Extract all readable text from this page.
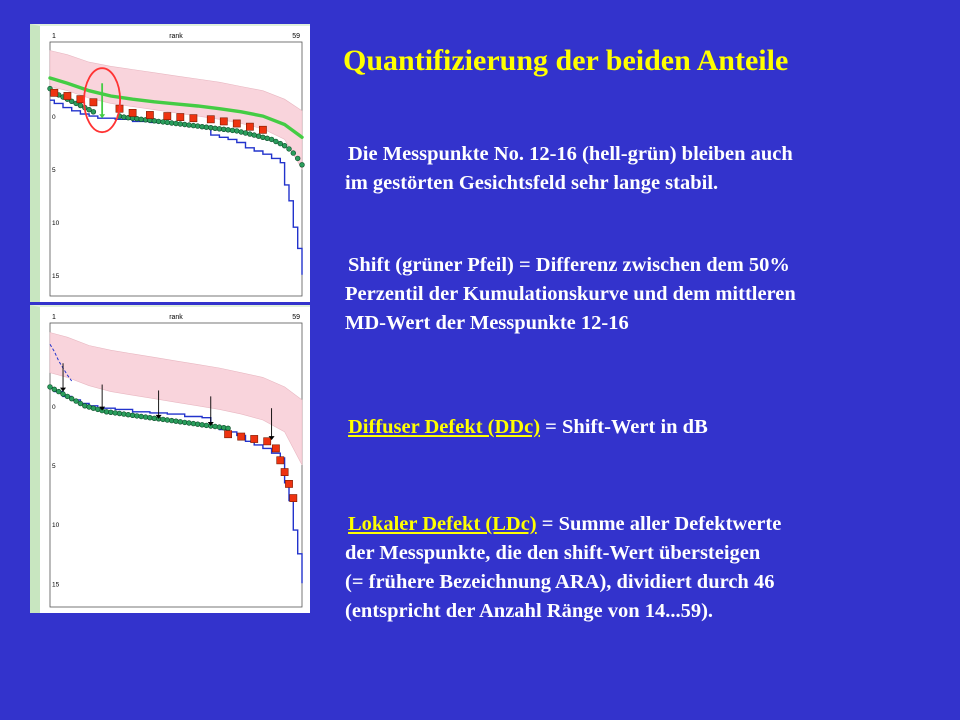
1	59
rank
0
5
10
15
1	59
rank
0
5
10
15
Quantifizierung der beiden Anteile
Die Messpunkte No. 12-16 (hell-grün) bleiben auch
im gestörten Gesichtsfeld sehr lange stabil.
Shift (grüner Pfeil) = Differenz zwischen dem 50%
Perzentil der Kumulationskurve und dem mittleren
MD-Wert der Messpunkte 12-16
Diffuser Defekt (DDc) = Shift-Wert in dB
Lokaler Defekt (LDc) = Summe aller Defektwerte
der Messpunkte, die den shift-Wert übersteigen
(= frühere Bezeichnung ARA), dividiert durch 46
(entspricht der Anzahl Ränge von 14...59).
